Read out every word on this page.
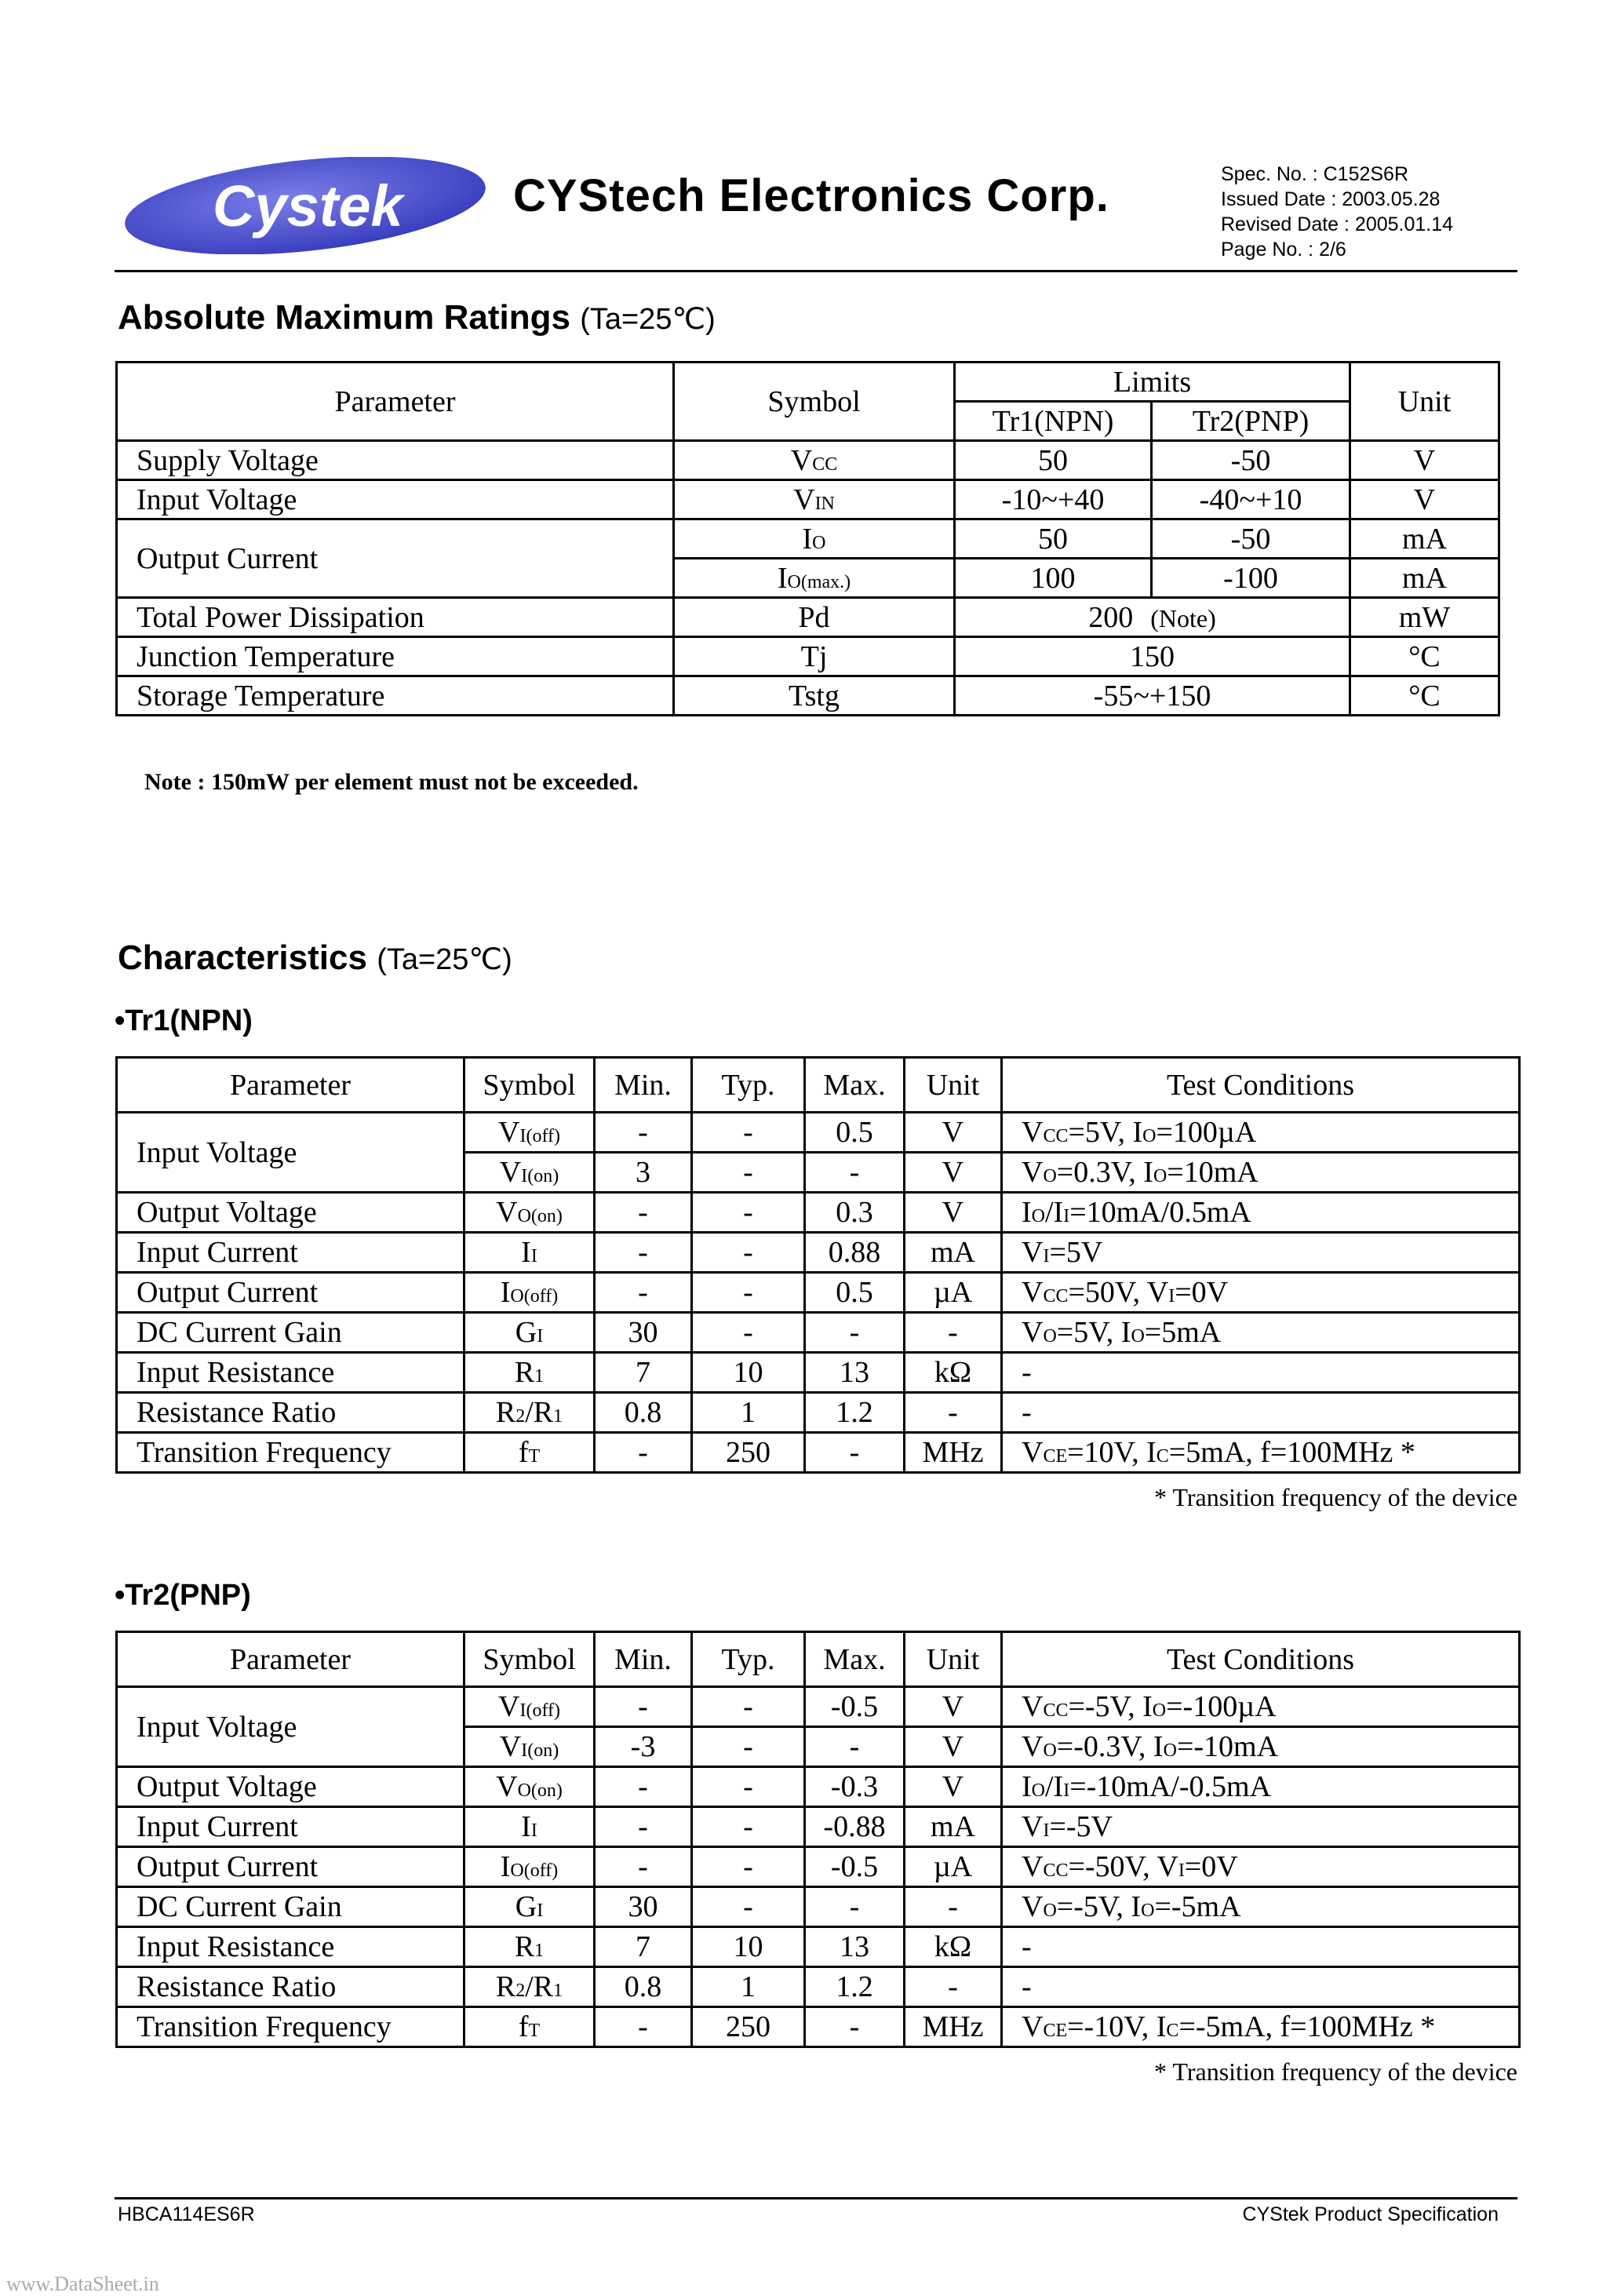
Cystek CYStech Electronics Corp.	Spec. No. : C152S6R
Issued Date : 2003.05.28
Revised Date : 2005.01.14
Page No. : 2/6
Absolute Maximum Ratings (Ta=25℃)
Parameter	Symbol	Limits		Unit
		Tr1(NPN)	Tr2(PNP)	
Supply Voltage	VCC	50	-50	V
Input Voltage	VIN	-10~+40	-40~+10	V
Output Current	IO	50	-50	mA
	IO(max.)	100	-100	mA
Total Power Dissipation	Pd	200 (Note)		mW
Junction Temperature	Tj	150		°C
Storage Temperature	Tstg	-55~+150		°C
Note : 150mW per element must not be exceeded.
Characteristics (Ta=25℃)
•Tr1(NPN)
Parameter	Symbol	Min.	Typ.	Max.	Unit	Test Conditions
Input Voltage	VI(off)	-	-	0.5	V	VCC=5V, IO=100µA
	VI(on)	3	-	-	V	VO=0.3V, IO=10mA
Output Voltage	VO(on)	-	-	0.3	V	IO/II=10mA/0.5mA
Input Current	II	-	-	0.88	mA	VI=5V
Output Current	IO(off)	-	-	0.5	µA	VCC=50V, VI=0V
DC Current Gain	GI	30	-	-	-	VO=5V, IO=5mA
Input Resistance	R1	7	10	13	kΩ	-
Resistance Ratio	R2/R1	0.8	1	1.2	-	-
Transition Frequency	fT	-	250	-	MHz	VCE=10V, IC=5mA, f=100MHz *
* Transition frequency of the device
•Tr2(PNP)
Parameter	Symbol	Min.	Typ.	Max.	Unit	Test Conditions
Input Voltage	VI(off)	-	-	-0.5	V	VCC=-5V, IO=-100µA
	VI(on)	-3	-	-	V	VO=-0.3V, IO=-10mA
Output Voltage	VO(on)	-	-	-0.3	V	IO/II=-10mA/-0.5mA
Input Current	II	-	-	-0.88	mA	VI=-5V
Output Current	IO(off)	-	-	-0.5	µA	VCC=-50V, VI=0V
DC Current Gain	GI	30	-	-	-	VO=-5V, IO=-5mA
Input Resistance	R1	7	10	13	kΩ	-
Resistance Ratio	R2/R1	0.8	1	1.2	-	-
Transition Frequency	fT	-	250	-	MHz	VCE=-10V, IC=-5mA, f=100MHz *
* Transition frequency of the device
HBCA114ES6R	CYStek Product Specification
www.DataSheet.in
